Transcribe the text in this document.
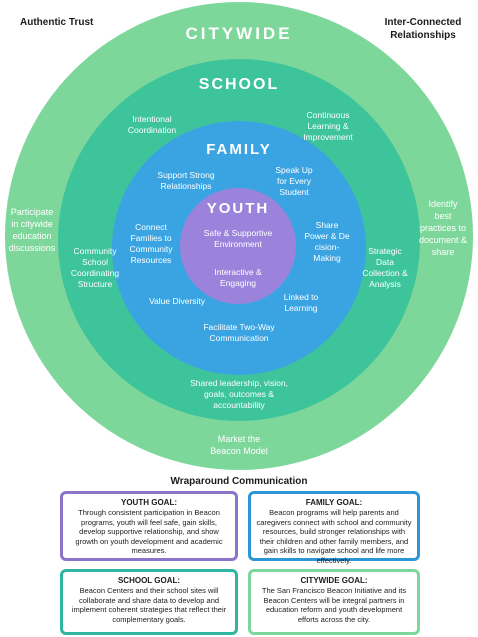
Authentic Trust	Inter-Connected
Relationships
CITYWIDE
Participate
in citywide
education
discussions
Identify
best
practices to
document &
share
Market the
Beacon Model
SCHOOL
Intentional
Coordination
Continuous
Learning &
Improvement
Community
School
Coordinating
Structure
Strategic
Data
Collection &
Analysis
Shared leadership, vision,
goals, outcomes &
accountability
FAMILY
Support Strong
Relationships
Speak Up
for Every
Student
Connect
Families to
Community
Resources
Share
Power & De
cision-
Making
Value Diversity	Linked to
Learning
Facilitate Two-Way
Communication
YOUTH
Safe & Supportive
Environment
Interactive &
Engaging
Wraparound Communication
YOUTH GOAL:
Through consistent participation in Beacon programs, youth will feel safe, gain skills, develop supportive relationship, and show growth on youth development and academic measures.
FAMILY GOAL:
Beacon programs will help parents and caregivers connect with school and community resources, build stronger relationships with their children and other family members, and gain skills to navigate school and life more effectively.
SCHOOL GOAL:
Beacon Centers and their school sites will collaborate and share data to develop and implement coherent strategies that reflect their complementary goals.
CITYWIDE GOAL:
The San Francisco Beacon Initiative and its Beacon Centers will be integral partners in education reform and youth development efforts across the city.
